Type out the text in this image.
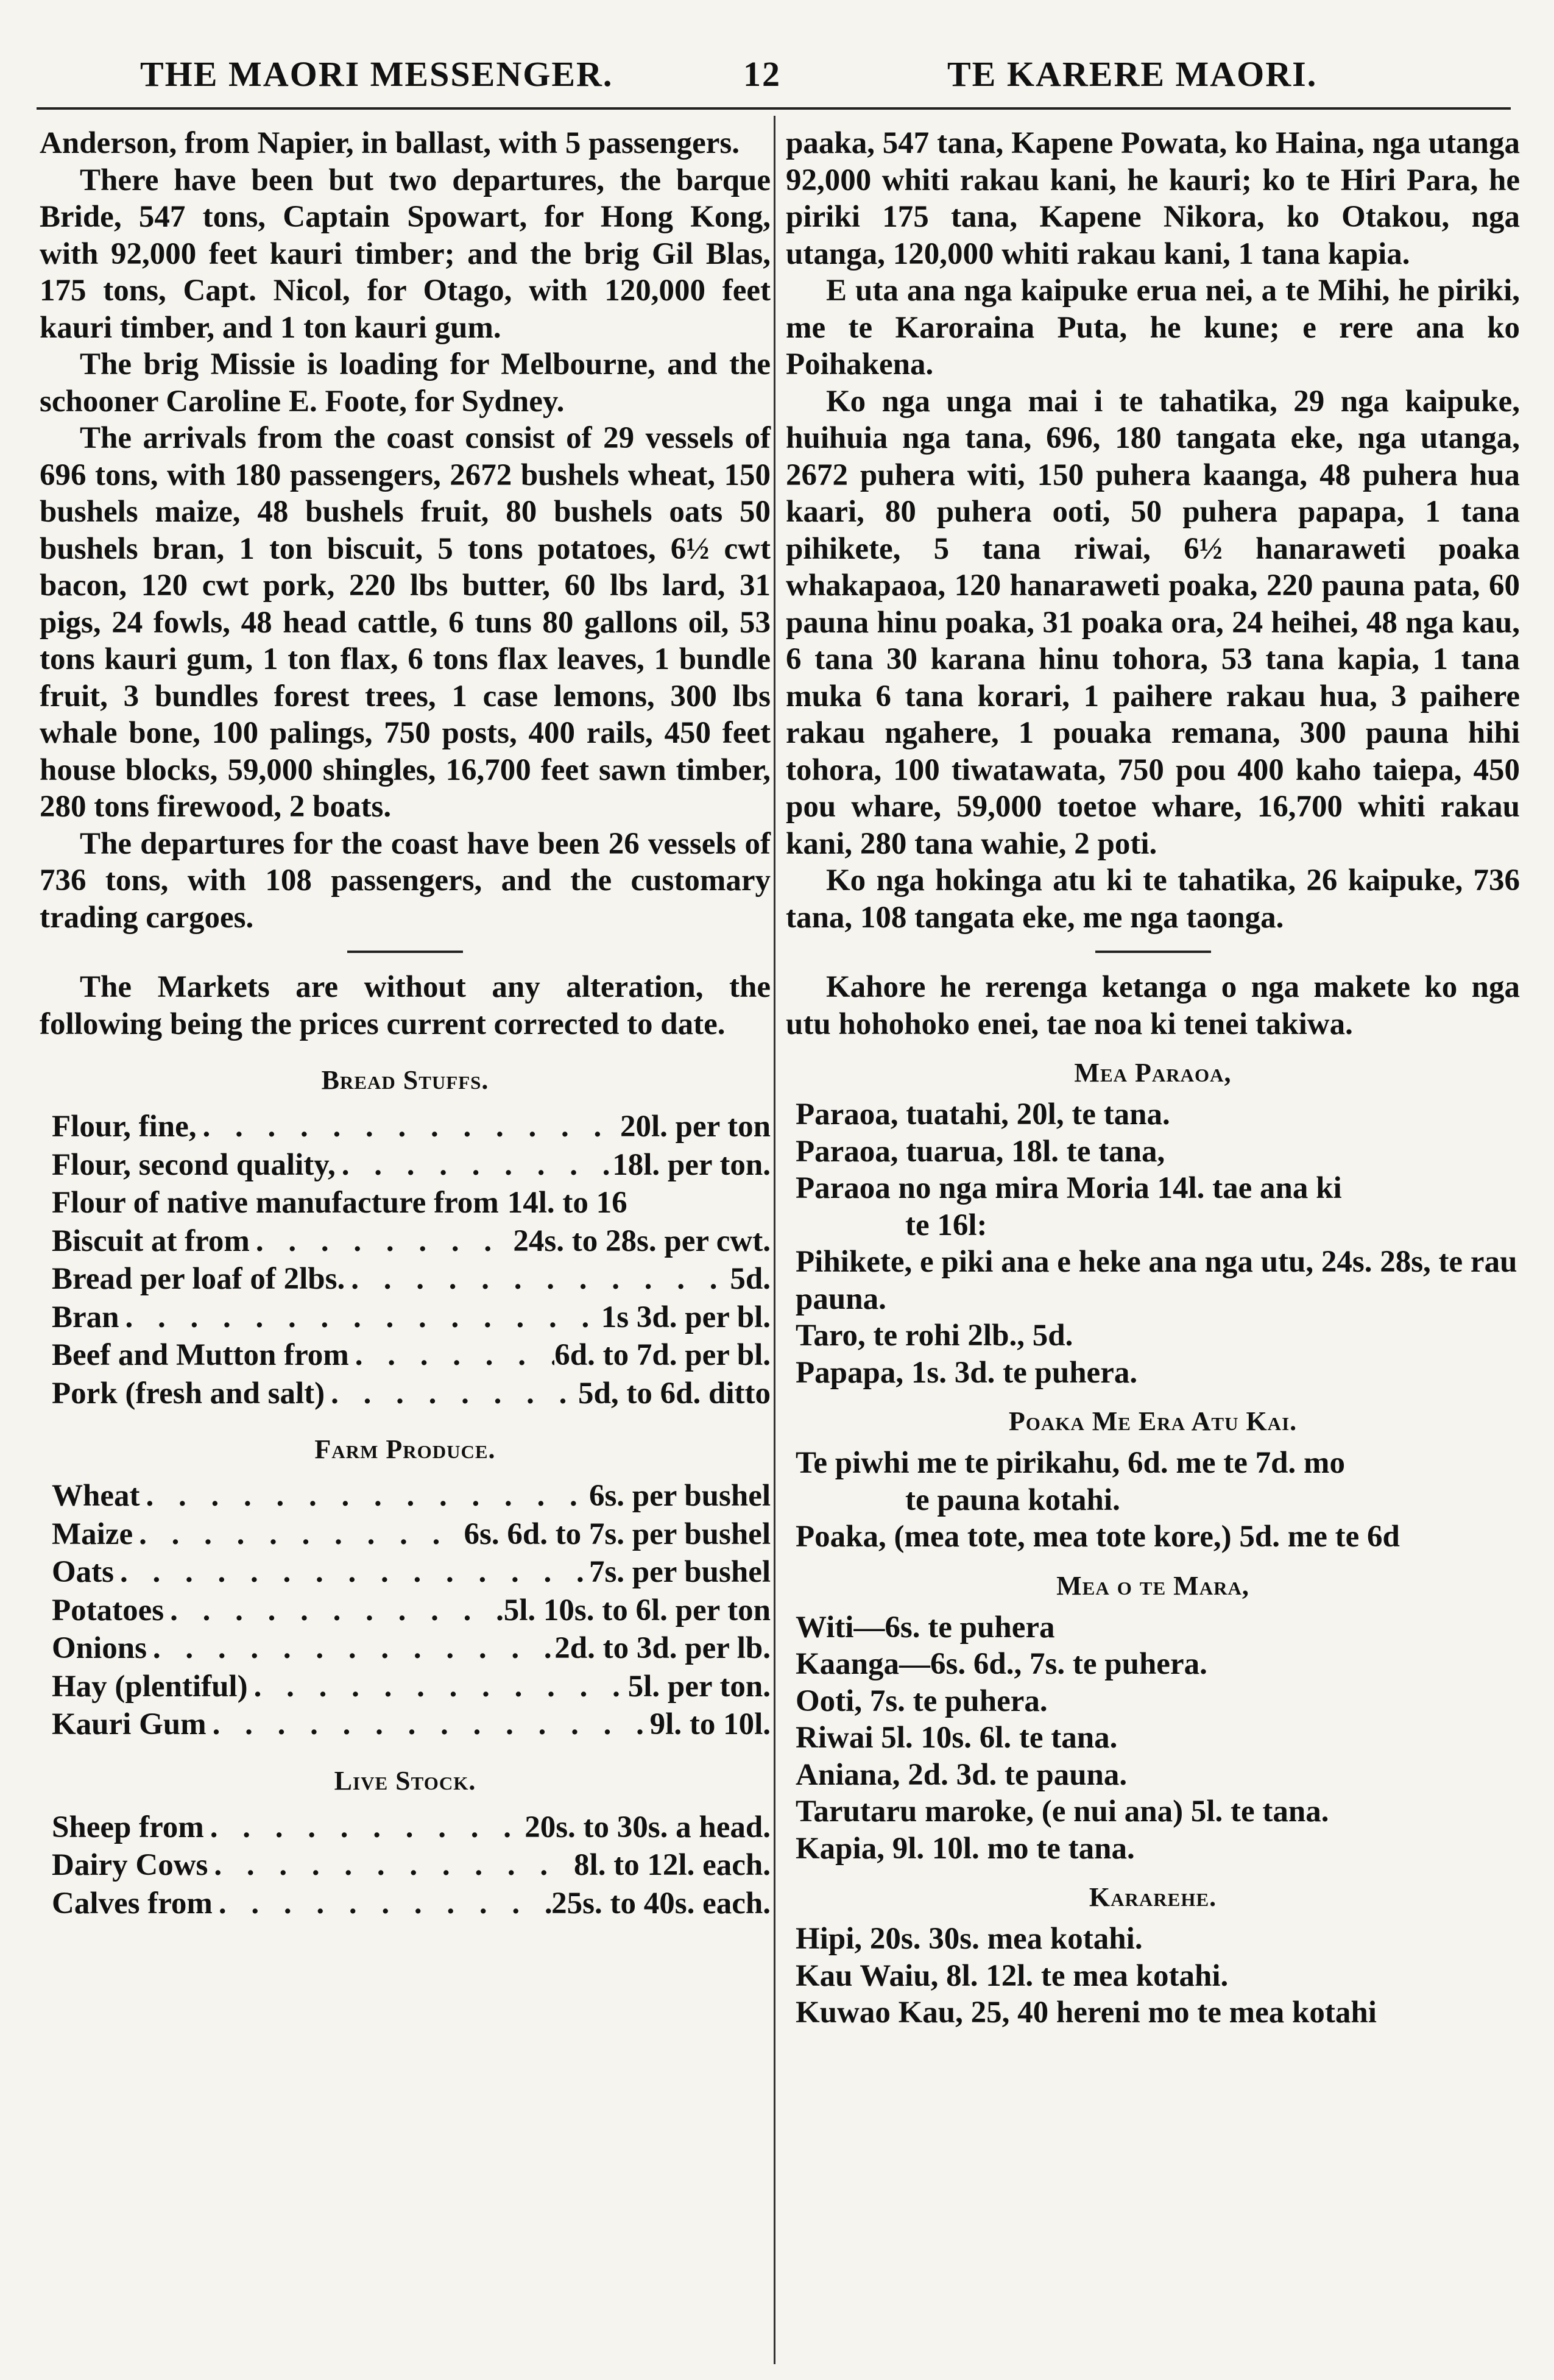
THE MAORI MESSENGER.	12	TE KARERE MAORI.

Anderson, from Napier, in ballast, with 5 passengers.

There have been but two departures, the barque Bride, 547 tons, Captain Spowart, for Hong Kong, with 92,000 feet kauri timber; and the brig Gil Blas, 175 tons, Capt. Nicol, for Otago, with 120,000 feet kauri timber, and 1 ton kauri gum.

The brig Missie is loading for Melbourne, and the schooner Caroline E. Foote, for Sydney.

The arrivals from the coast consist of 29 vessels of 696 tons, with 180 passengers, 2672 bushels wheat, 150 bushels maize, 48 bushels fruit, 80 bushels oats 50 bushels bran, 1 ton biscuit, 5 tons potatoes, 6½ cwt bacon, 120 cwt pork, 220 lbs butter, 60 lbs lard, 31 pigs, 24 fowls, 48 head cattle, 6 tuns 80 gallons oil, 53 tons kauri gum, 1 ton flax, 6 tons flax leaves, 1 bundle fruit, 3 bundles forest trees, 1 case lemons, 300 lbs whale bone, 100 palings, 750 posts, 400 rails, 450 feet house blocks, 59,000 shingles, 16,700 feet sawn timber, 280 tons firewood, 2 boats.

The departures for the coast have been 26 vessels of 736 tons, with 108 passengers, and the customary trading cargoes.

The Markets are without any alteration, the following being the prices current corrected to date.

Bread Stuffs.
Flour, fine, . . .	20l. per ton
Flour, second quality, . . .	18l. per ton.
Flour of native manufacture from 14l. to 16
Biscuit at from . . .	24s. to 28s. per cwt.
Bread per loaf of 2lbs. . . .	5d.
Bran . . .	1s 3d. per bl.
Beef and Mutton from . . .	6d. to 7d. per bl.
Pork (fresh and salt) . . .	5d, to 6d. ditto
Farm Produce.
Wheat . . .	6s. per bushel
Maize . . .	6s. 6d. to 7s. per bushel
Oats . . .	7s. per bushel
Potatoes . . .	5l. 10s. to 6l. per ton
Onions . . .	2d. to 3d. per lb.
Hay (plentiful) . . .	5l. per ton.
Kauri Gum . . .	9l. to 10l.
Live Stock.
Sheep from . . .	20s. to 30s. a head.
Dairy Cows . . .	8l. to 12l. each.
Calves from . . .	25s. to 40s. each.

paaka, 547 tana, Kapene Powata, ko Haina, nga utanga 92,000 whiti rakau kani, he kauri; ko te Hiri Para, he piriki 175 tana, Kapene Nikora, ko Otakou, nga utanga, 120,000 whiti rakau kani, 1 tana kapia.

E uta ana nga kaipuke erua nei, a te Mihi, he piriki, me te Karoraina Puta, he kune; e rere ana ko Poihakena.

Ko nga unga mai i te tahatika, 29 nga kaipuke, huihuia nga tana, 696, 180 tangata eke, nga utanga, 2672 puhera witi, 150 puhera kaanga, 48 puhera hua kaari, 80 puhera ooti, 50 puhera papapa, 1 tana pihikete, 5 tana riwai, 6½ hanaraweti poaka whakapaoa, 120 hanaraweti poaka, 220 pauna pata, 60 pauna hinu poaka, 31 poaka ora, 24 heihei, 48 nga kau, 6 tana 30 karana hinu tohora, 53 tana kapia, 1 tana muka 6 tana korari, 1 paihere rakau hua, 3 paihere rakau ngahere, 1 pouaka remana, 300 pauna hihi tohora, 100 tiwatawata, 750 pou 400 kaho taiepa, 450 pou whare, 59,000 toetoe whare, 16,700 whiti rakau kani, 280 tana wahie, 2 poti.

Ko nga hokinga atu ki te tahatika, 26 kaipuke, 736 tana, 108 tangata eke, me nga taonga.

Kahore he rerenga ketanga o nga makete ko nga utu hohohoko enei, tae noa ki tenei takiwa.

Mea Paraoa,
Paraoa, tuatahi, 20l, te tana.
Paraoa, tuarua, 18l. te tana,
Paraoa no nga mira Moria 14l. tae ana ki
te 16l:
Pihikete, e piki ana e heke ana nga utu, 24s. 28s, te rau pauna.
Taro, te rohi 2lb., 5d.
Papapa, 1s. 3d. te puhera.
Poaka Me Era Atu Kai.
Te piwhi me te pirikahu, 6d. me te 7d. mo
te pauna kotahi.
Poaka, (mea tote, mea tote kore,) 5d. me te 6d
Mea o te Mara,
Witi—6s. te puhera
Kaanga—6s. 6d., 7s. te puhera.
Ooti, 7s. te puhera.
Riwai 5l. 10s. 6l. te tana.
Aniana, 2d. 3d. te pauna.
Tarutaru maroke, (e nui ana) 5l. te tana.
Kapia, 9l. 10l. mo te tana.
Kararehe.
Hipi, 20s. 30s. mea kotahi.
Kau Waiu, 8l. 12l. te mea kotahi.
Kuwao Kau, 25, 40 hereni mo te mea kotahi
